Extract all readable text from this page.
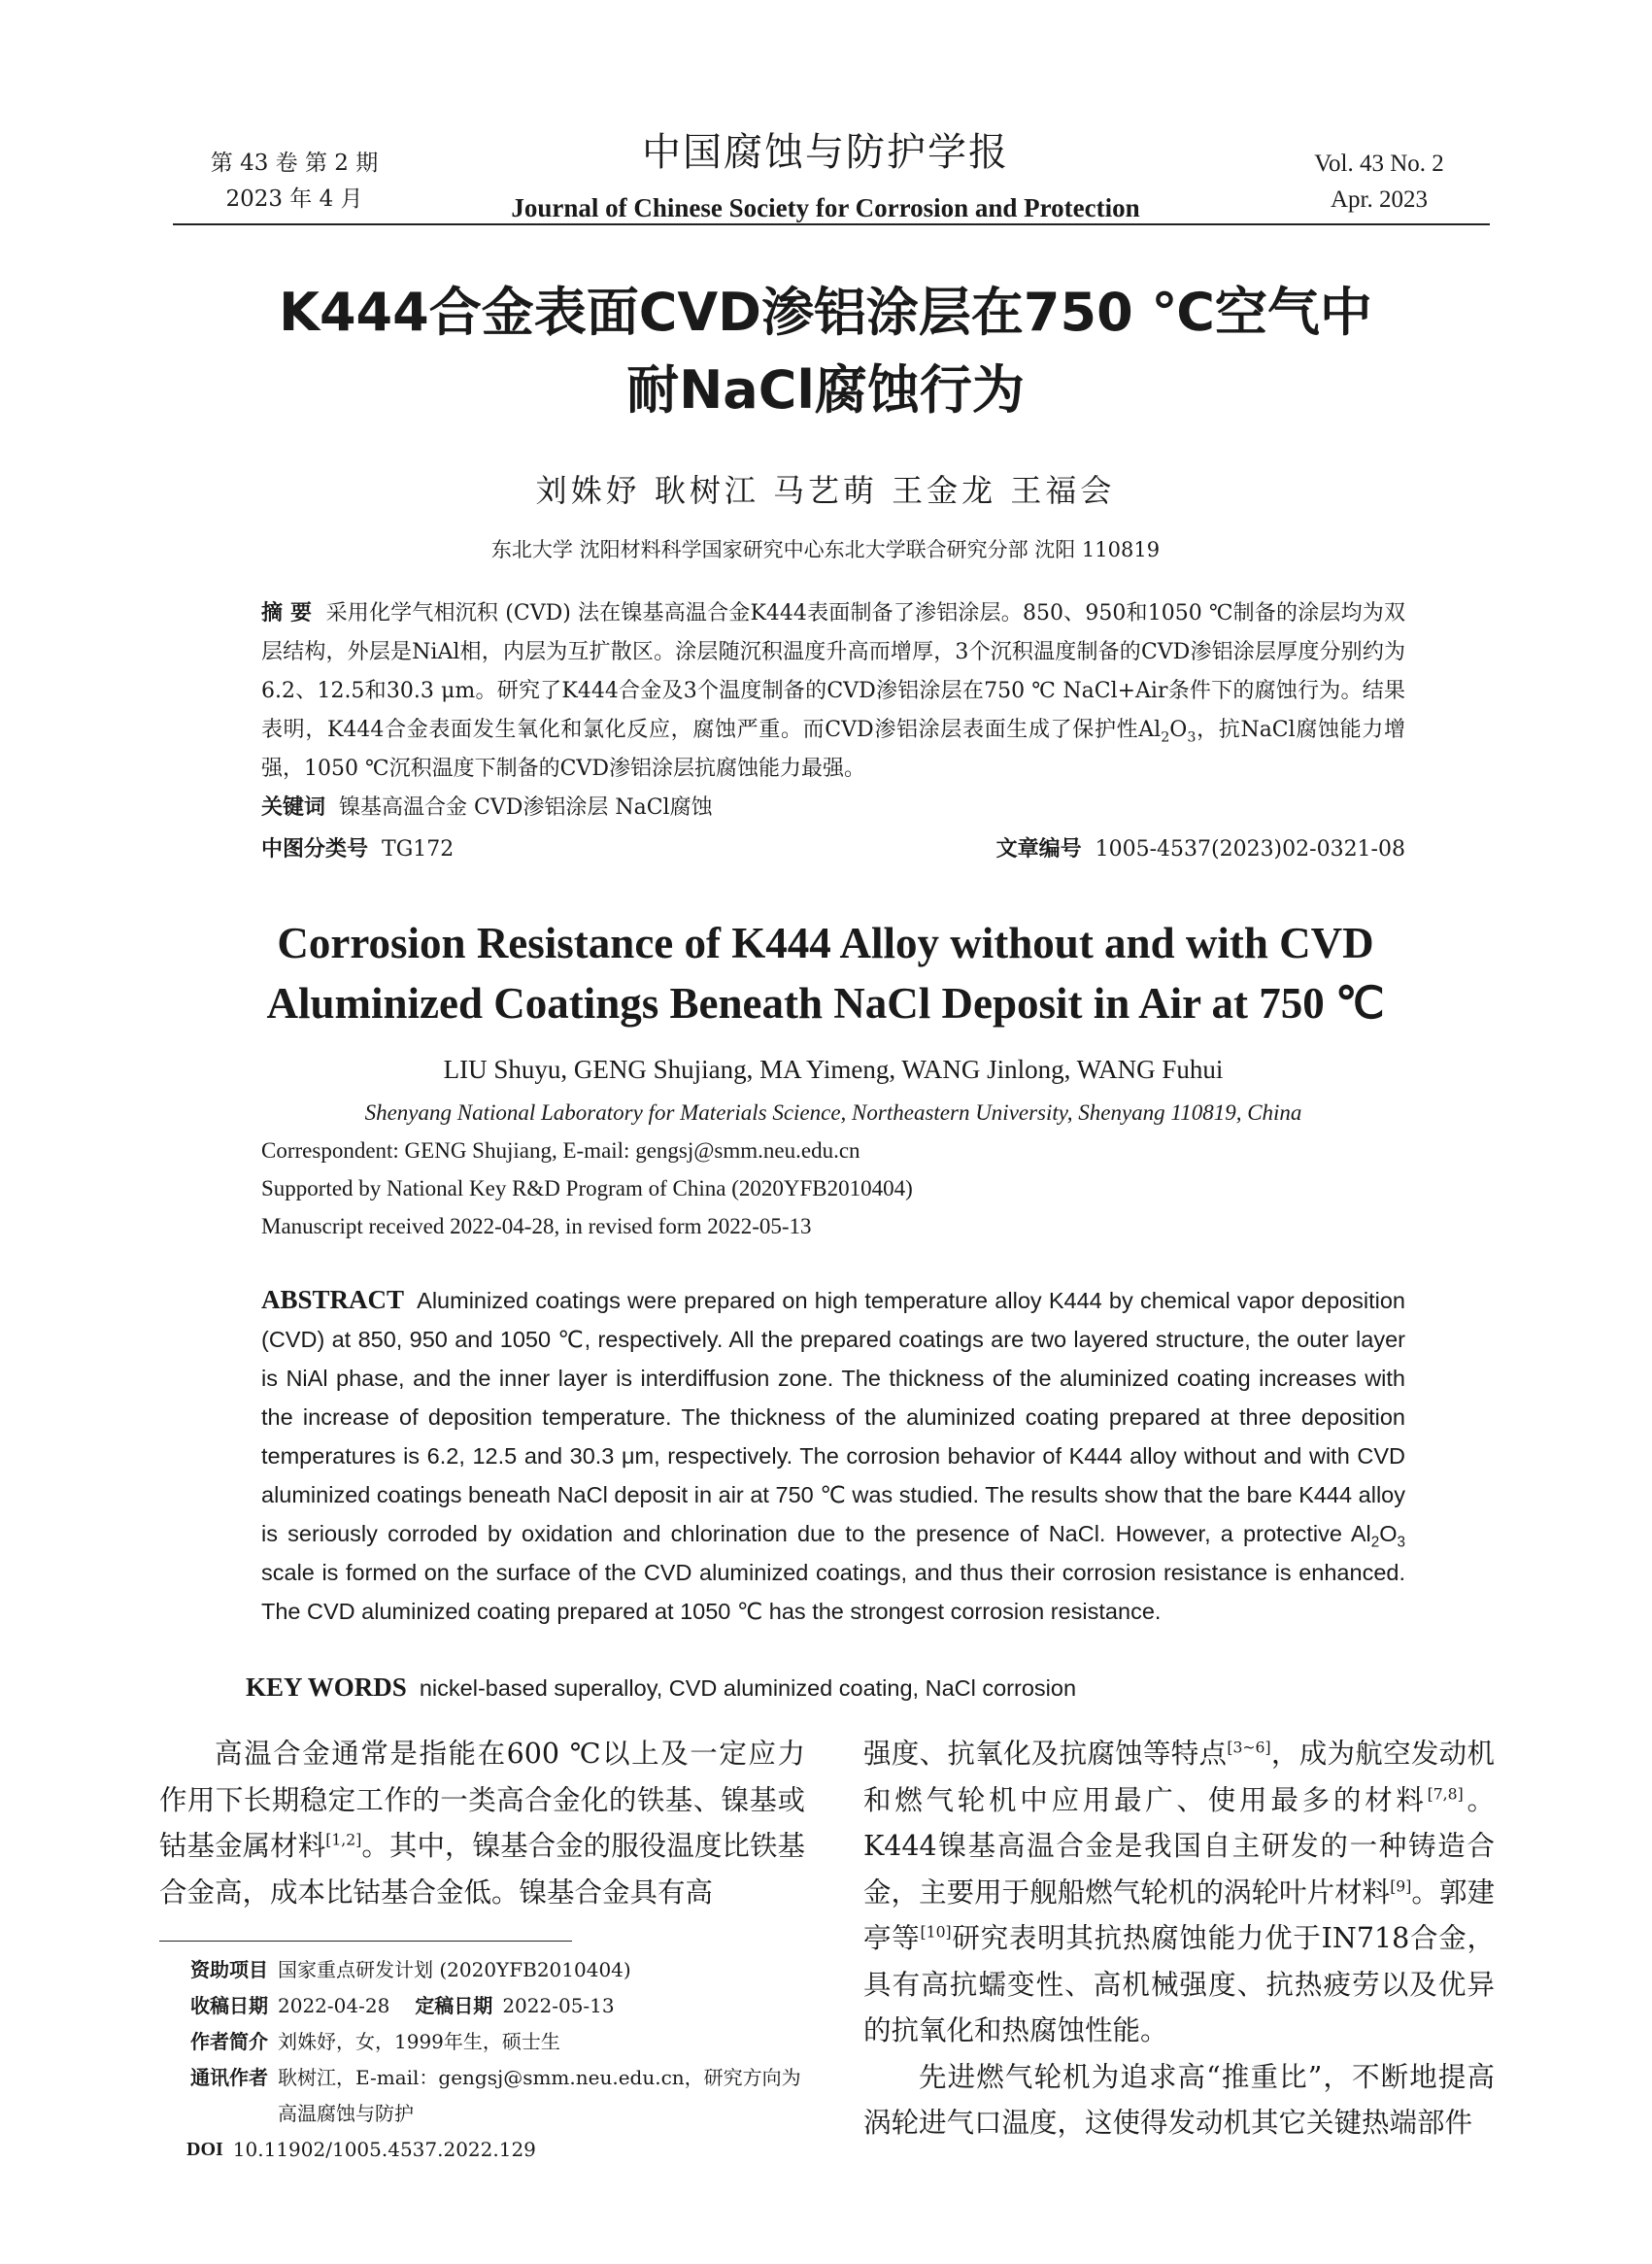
第 43 卷 第 2 期
2023 年 4 月
中国腐蚀与防护学报
Journal of Chinese Society for Corrosion and Protection
Vol. 43 No. 2
Apr. 2023
K444合金表面CVD渗铝涂层在750 ℃空气中
耐NaCl腐蚀行为
刘姝妤 耿树江 马艺萌 王金龙 王福会
东北大学 沈阳材料科学国家研究中心东北大学联合研究分部 沈阳 110819
摘 要 采用化学气相沉积 (CVD) 法在镍基高温合金K444表面制备了渗铝涂层。850、950和1050 ℃制备的涂层均为双层结构，外层是NiAl相，内层为互扩散区。涂层随沉积温度升高而增厚，3个沉积温度制备的CVD渗铝涂层厚度分别约为6.2、12.5和30.3 μm。研究了K444合金及3个温度制备的CVD渗铝涂层在750 ℃ NaCl+Air条件下的腐蚀行为。结果表明，K444合金表面发生氧化和氯化反应，腐蚀严重。而CVD渗铝涂层表面生成了保护性$Al_2O_3$，抗NaCl腐蚀能力增强，1050 ℃沉积温度下制备的CVD渗铝涂层抗腐蚀能力最强。
关键词 镍基高温合金 CVD渗铝涂层 NaCl腐蚀
中图分类号 TG172	文章编号 1005-4537(2023)02-0321-08
Corrosion Resistance of K444 Alloy without and with CVD
Aluminized Coatings Beneath NaCl Deposit in Air at 750 ℃
LIU Shuyu, GENG Shujiang, MA Yimeng, WANG Jinlong, WANG Fuhui
Shenyang National Laboratory for Materials Science, Northeastern University, Shenyang 110819, China
Correspondent: GENG Shujiang, E-mail: gengsj@smm.neu.edu.cn
Supported by National Key R&D Program of China (2020YFB2010404)
Manuscript received 2022-04-28, in revised form 2022-05-13
ABSTRACT Aluminized coatings were prepared on high temperature alloy K444 by chemical vapor deposition (CVD) at 850, 950 and 1050 ℃, respectively. All the prepared coatings are two layered structure, the outer layer is NiAl phase, and the inner layer is interdiffusion zone. The thickness of the aluminized coating increases with the increase of deposition temperature. The thickness of the aluminized coating prepared at three deposition temperatures is 6.2, 12.5 and 30.3 μm, respectively. The corrosion behavior of K444 alloy without and with CVD aluminized coatings beneath NaCl deposit in air at 750 ℃ was studied. The results show that the bare K444 alloy is seriously corroded by oxidation and chlorination due to the presence of NaCl. However, a protective $Al_2O_3$ scale is formed on the surface of the CVD aluminized coatings, and thus their corrosion resistance is enhanced. The CVD aluminized coating prepared at 1050 ℃ has the strongest corrosion resistance.
KEY WORDS nickel-based superalloy, CVD aluminized coating, NaCl corrosion

高温合金通常是指能在600 ℃以上及一定应力作用下长期稳定工作的一类高合金化的铁基、镍基或钴基金属材料[1,2]。其中，镍基合金的服役温度比铁基合金高，成本比钴基合金低。镍基合金具有高

强度、抗氧化及抗腐蚀等特点[3~6]，成为航空发动机和燃气轮机中应用最广、使用最多的材料[7,8]。K444镍基高温合金是我国自主研发的一种铸造合金，主要用于舰船燃气轮机的涡轮叶片材料[9]。郭建亭等[10]研究表明其抗热腐蚀能力优于IN718合金，具有高抗蠕变性、高机械强度、抗热疲劳以及优异的抗氧化和热腐蚀性能。

先进燃气轮机为追求高“推重比”，不断地提高涡轮进气口温度，这使得发动机其它关键热端部件

资助项目 国家重点研发计划 (2020YFB2010404)
收稿日期 2022-04-28 定稿日期 2022-05-13
作者简介 刘姝妤，女，1999年生，硕士生
通讯作者 耿树江，E-mail：gengsj@smm.neu.edu.cn，研究方向为高温腐蚀与防护
DOI 10.11902/1005.4537.2022.129
